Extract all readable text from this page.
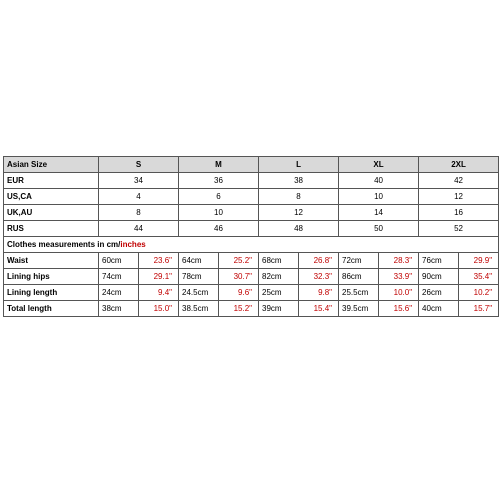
Asian Size	S		M		L		XL		2XL	
EUR	34		36		38		40		42	
US,CA	4		6		8		10		12	
UK,AU	8		10		12		14		16	
RUS	44		46		48		50		52	
Clothes measurements in cm/inches										
Waist	60cm	23.6"	64cm	25.2"	68cm	26.8"	72cm	28.3"	76cm	29.9"
Lining hips	74cm	29.1"	78cm	30.7"	82cm	32.3"	86cm	33.9"	90cm	35.4"
Lining length	24cm	9.4"	24.5cm	9.6"	25cm	9.8"	25.5cm	10.0"	26cm	10.2"
Total length	38cm	15.0"	38.5cm	15.2"	39cm	15.4"	39.5cm	15.6"	40cm	15.7"
